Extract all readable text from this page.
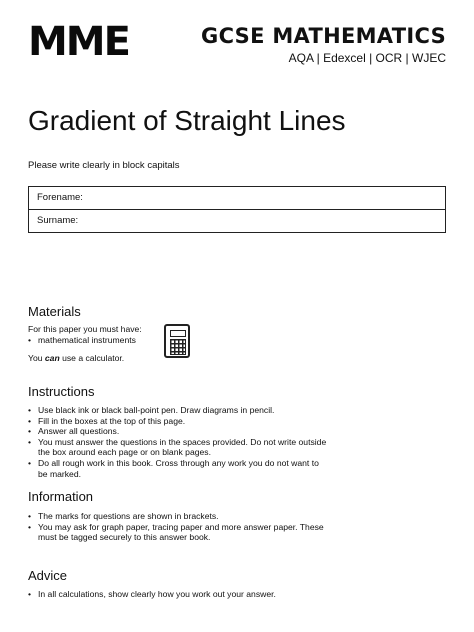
MME	GCSE MATHEMATICS
AQA | Edexcel | OCR | WJEC
Gradient of Straight Lines
Please write clearly in block capitals
Forename:
Surname:
Materials
For this paper you must have:
• mathematical instruments
You can use a calculator.
Instructions
• Use black ink or black ball-point pen. Draw diagrams in pencil.
• Fill in the boxes at the top of this page.
• Answer all questions.
• You must answer the questions in the spaces provided. Do not write outside the box around each page or on blank pages.
• Do all rough work in this book. Cross through any work you do not want to be marked.
Information
• The marks for questions are shown in brackets.
• You may ask for graph paper, tracing paper and more answer paper. These must be tagged securely to this answer book.
Advice
• In all calculations, show clearly how you work out your answer.
